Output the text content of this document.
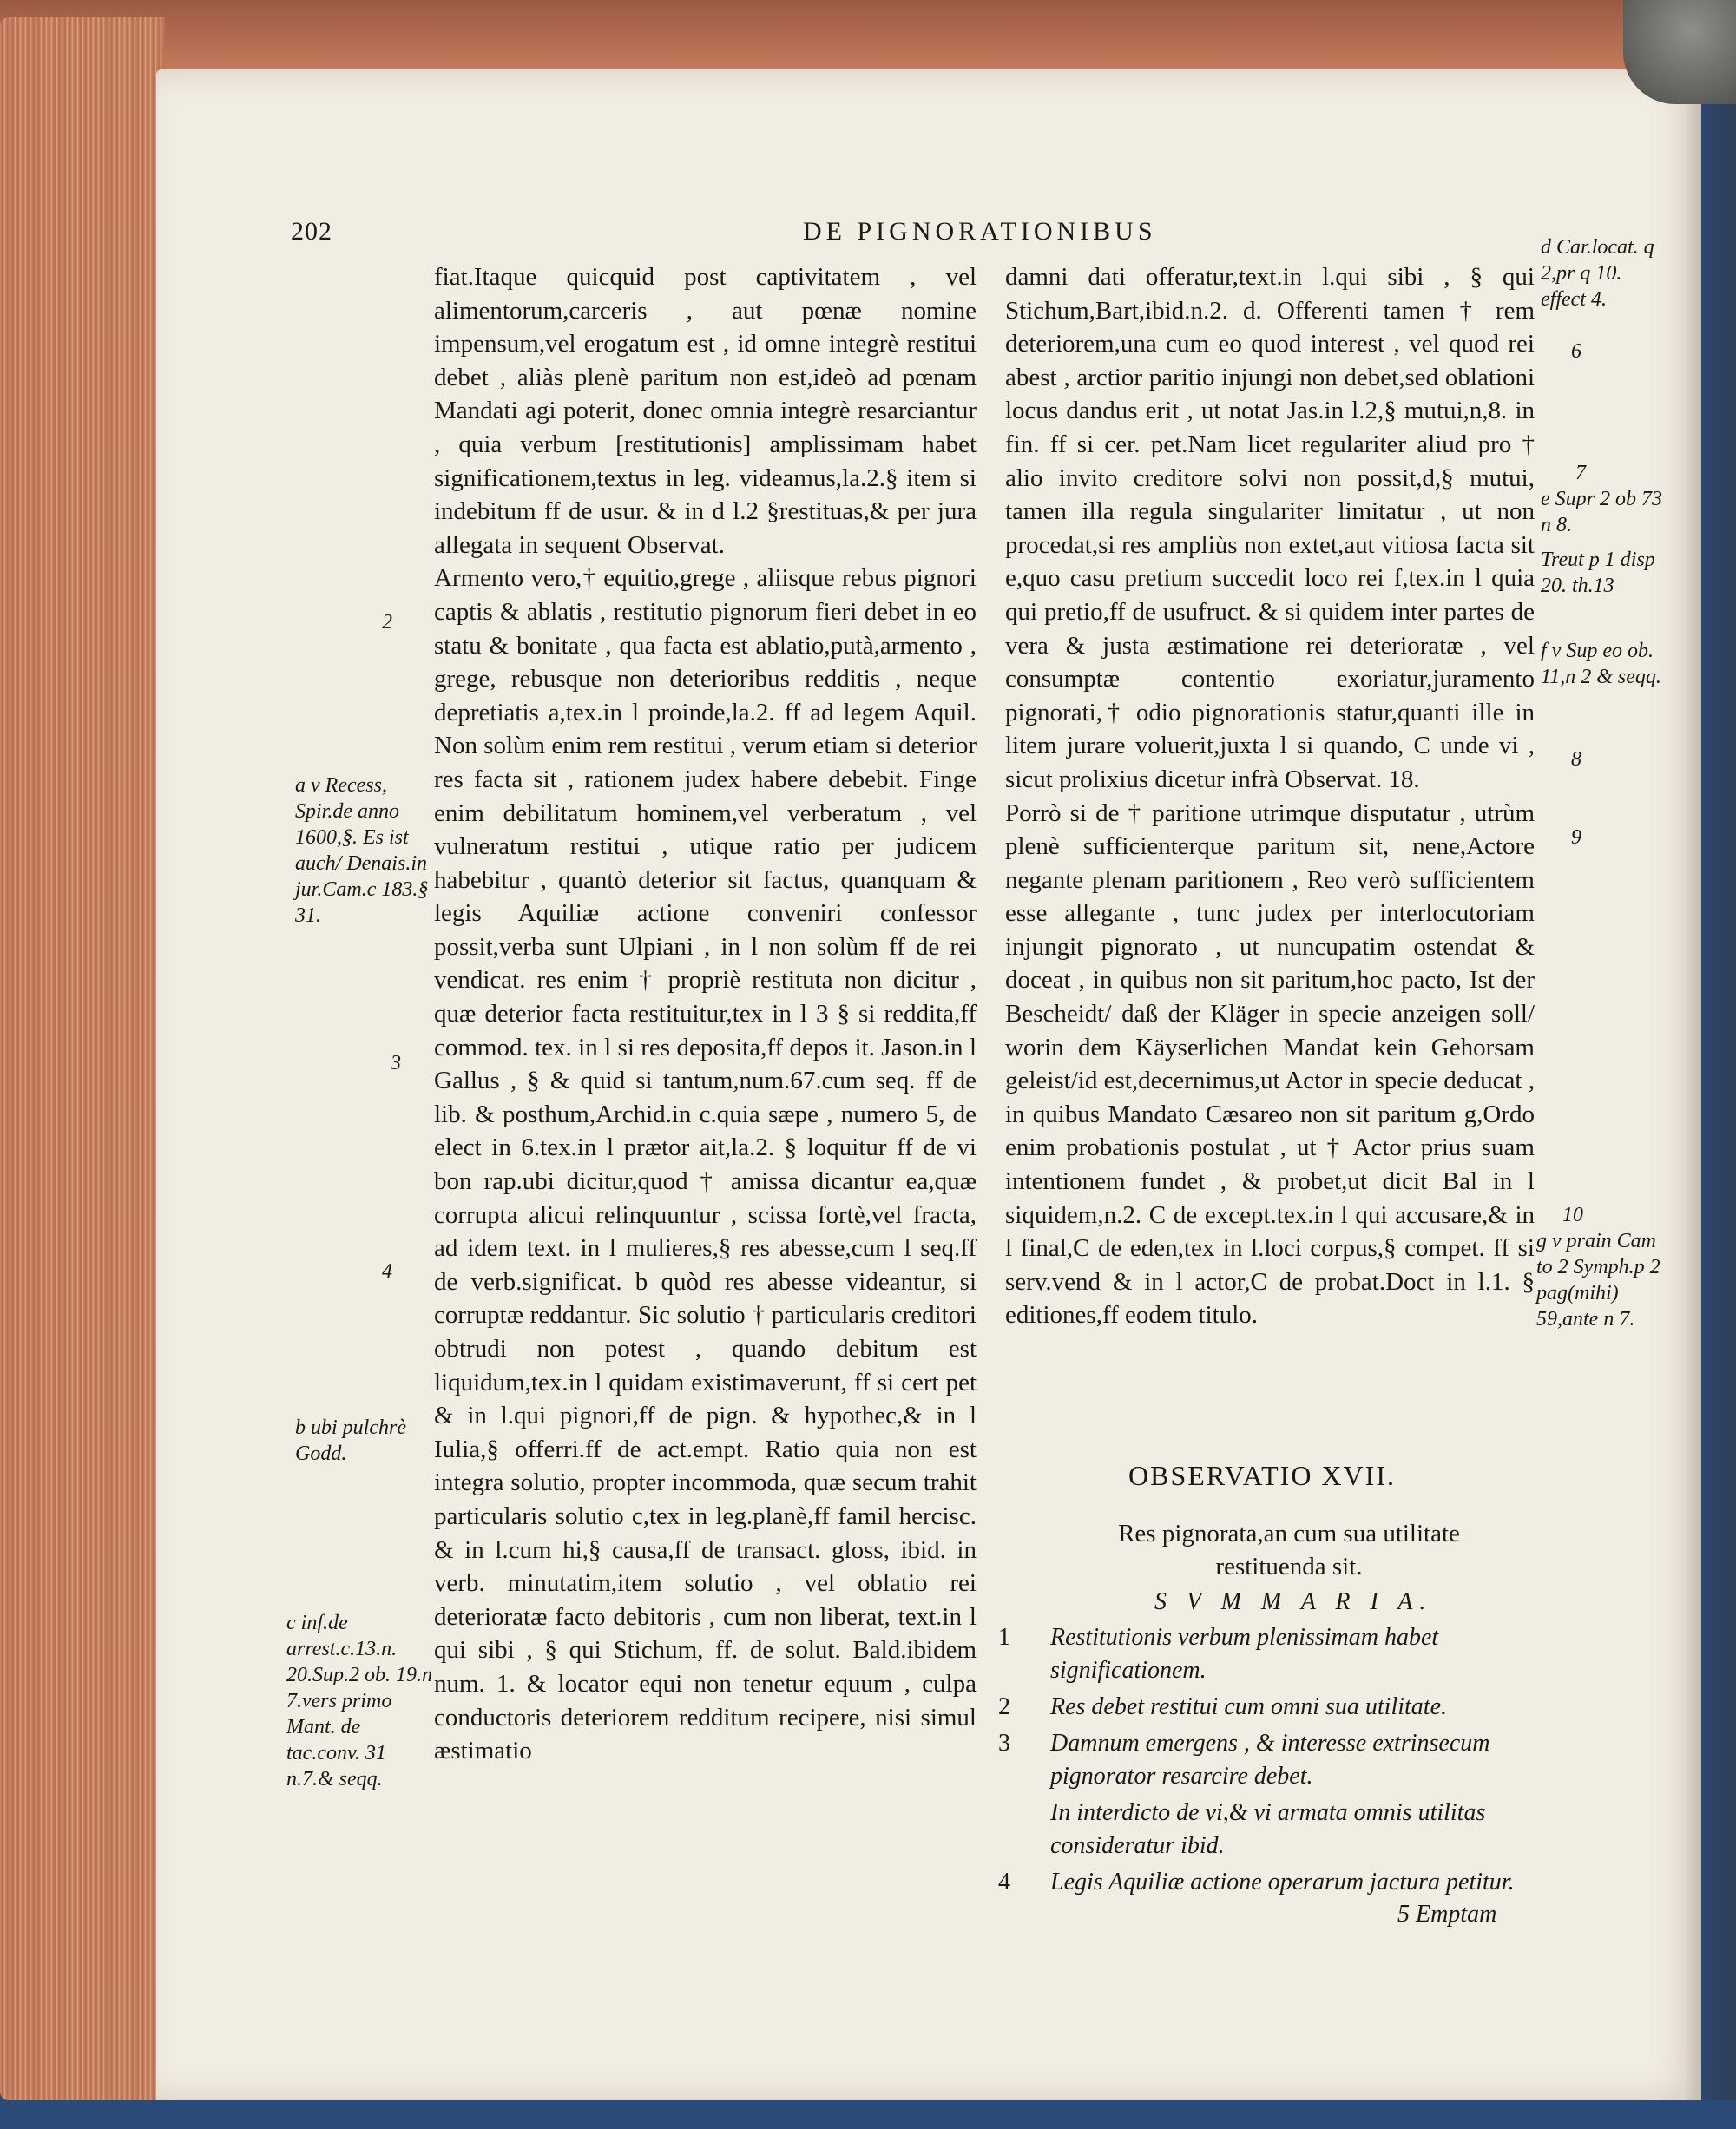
202	DE PIGNORATIONIBUS

fiat.Itaque quicquid post captivitatem , vel alimentorum,carceris , aut pœnæ nomine impensum,vel erogatum est , id omne integrè restitui debet , aliàs plenè paritum non est,ideò ad pœnam Mandati agi poterit, donec omnia integrè resarciantur , quia verbum [restitutionis] amplissimam habet significationem,textus in leg. videamus,la.2.§ item si indebitum ff de usur. & in d l.2 §restituas,& per jura allegata in sequent Observat.

Armento vero,† equitio,grege , aliisque rebus pignori captis & ablatis , restitutio pignorum fieri debet in eo statu & bonitate , qua facta est ablatio,putà,armento , grege, rebusque non deterioribus redditis , neque depretiatis a,tex.in l proinde,la.2. ff ad legem Aquil. Non solùm enim rem restitui , verum etiam si deterior res facta sit , rationem judex habere debebit. Finge enim debilitatum hominem,vel verberatum , vel vulneratum restitui , utique ratio per judicem habebitur , quantò deterior sit factus, quanquam & legis Aquiliæ actione conveniri confessor possit,verba sunt Ulpiani , in l non solùm ff de rei vendicat. res enim † propriè restituta non dicitur , quæ deterior facta restituitur,tex in l 3 § si reddita,ff commod. tex. in l si res deposita,ff depos it. Jason.in l Gallus , § & quid si tantum,num.67.cum seq. ff de lib. & posthum,Archid.in c.quia sæpe , numero 5, de elect in 6.tex.in l prætor ait,la.2. § loquitur ff de vi bon rap.ubi dicitur,quod † amissa dicantur ea,quæ corrupta alicui relinquuntur , scissa fortè,vel fracta, ad idem text. in l mulieres,§ res abesse,cum l seq.ff de verb.significat. b quòd res abesse videantur, si corruptæ reddantur. Sic solutio † particularis creditori obtrudi non potest , quando debitum est liquidum,tex.in l quidam existimaverunt, ff si cert pet & in l.qui pignori,ff de pign. & hypothec,& in l Iulia,§ offerri.ff de act.empt. Ratio quia non est integra solutio, propter incommoda, quæ secum trahit particularis solutio c,tex in leg.planè,ff famil hercisc. & in l.cum hi,§ causa,ff de transact. gloss, ibid. in verb. minutatim,item solutio , vel oblatio rei deterioratæ facto debitoris , cum non liberat, text.in l qui sibi , § qui Stichum, ff. de solut. Bald.ibidem num. 1. & locator equi non tenetur equum , culpa conductoris deteriorem redditum recipere, nisi simul æstimatio

damni dati offeratur,text.in l.qui sibi , § qui Stichum,Bart,ibid.n.2. d. Offerenti tamen † rem deteriorem,una cum eo quod interest , vel quod rei abest , arctior paritio injungi non debet,sed oblationi locus dandus erit , ut notat Jas.in l.2,§ mutui,n,8. in fin. ff si cer. pet.Nam licet regulariter aliud pro † alio invito creditore solvi non possit,d,§ mutui, tamen illa regula singulariter limitatur , ut non procedat,si res ampliùs non extet,aut vitiosa facta sit e,quo casu pretium succedit loco rei f,tex.in l quia qui pretio,ff de usufruct. & si quidem inter partes de vera & justa æstimatione rei deterioratæ , vel consumptæ contentio exoriatur,juramento pignorati,† odio pignorationis statur,quanti ille in litem jurare voluerit,juxta l si quando, C unde vi , sicut prolixius dicetur infrà Observat. 18.

Porrò si de † paritione utrimque disputatur , utrùm plenè sufficienterque paritum sit, nene,Actore negante plenam paritionem , Reo verò sufficientem esse allegante , tunc judex per interlocutoriam injungit pignorato , ut nuncupatim ostendat & doceat , in quibus non sit paritum,hoc pacto, Ist der Bescheidt/ daß der Kläger in specie anzeigen soll/ worin dem Käyserlichen Mandat kein Gehorsam geleist/id est,decernimus,ut Actor in specie deducat , in quibus Mandato Cæsareo non sit paritum g,Ordo enim probationis postulat , ut † Actor prius suam intentionem fundet , & probet,ut dicit Bal in l siquidem,n.2. C de except.tex.in l qui accusare,& in l final,C de eden,tex in l.loci corpus,§ compet. ff si serv.vend & in l actor,C de probat.Doct in l.1. § editiones,ff eodem titulo.

2
a v Recess, Spir.de anno 1600,§. Es ist auch/ Denais.in jur.Cam.c 183.§ 31.
3
4
b ubi pulchrè Godd.
c inf.de arrest.c.13.n. 20.Sup.2 ob. 19.n 7.vers primo Mant. de tac.conv. 31 n.7.& seqq.
d Car.locat. q 2,pr q 10. effect 4.
6
7
e Supr 2 ob 73 n 8.
Treut p 1 disp 20. th.13
f v Sup eo ob. 11,n 2 & seqq.
8
9
10
g v prain Cam to 2 Symph.p 2 pag(mihi) 59,ante n 7.
OBSERVATIO XVII.
Res pignorata,an cum sua utilitate restituenda sit.
S V M M A R I A.
1 Restitutionis verbum plenissimam habet significationem.
2 Res debet restitui cum omni sua utilitate.
3 Damnum emergens , & interesse extrinsecum pignorator resarcire debet.
In interdicto de vi,& vi armata omnis utilitas consideratur ibid.
4 Legis Aquiliæ actione operarum jactura petitur.
5 Emptam
